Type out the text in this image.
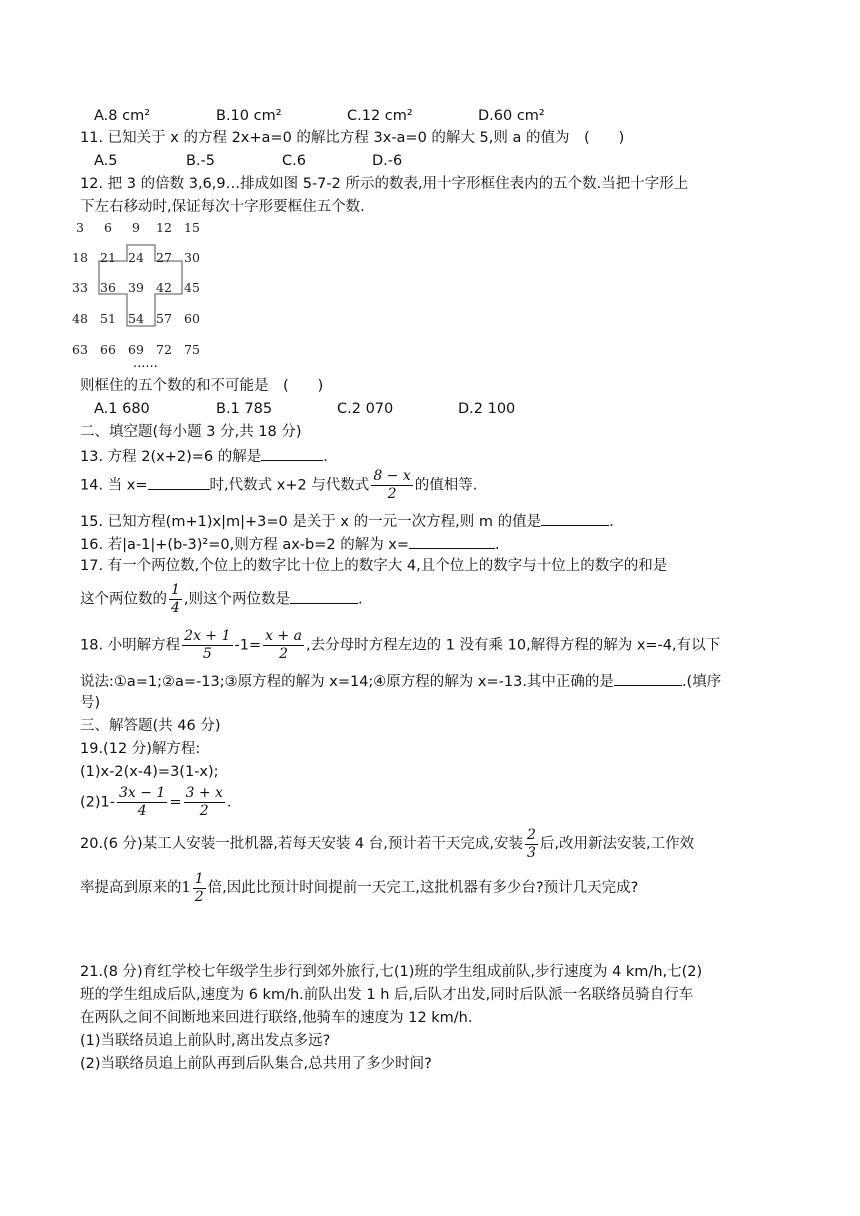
A.8 cm²	B.10 cm²	C.12 cm²	D.60 cm²
11. 已知关于 x 的方程 2x+a=0 的解比方程 3x-a=0 的解大 5,则 a 的值为　(　　)
A.5	B.-5	C.6	D.-6
12. 把 3 的倍数 3,6,9…排成如图 5-7-2 所示的数表,用十字形框住表内的五个数.当把十字形上
下左右移动时,保证每次十字形要框住五个数.
3	6	9	12 15
18 21 24 27 30
33 36 39 42 45
48 51 54 57 60
63 66 69 72 75
......
则框住的五个数的和不可能是　(　　)
A.1 680	B.1 785	C.2 070	D.2 100
二、填空题(每小题 3 分,共 18 分)
13. 方程 2(x+2)=6 的解是	.
14. 当 x=	时,代数式 x+2 与代数式 $\frac{8 - x}{2}$ 的值相等.
15. 已知方程(m+1)x|m|+3=0 是关于 x 的一元一次方程,则 m 的值是	.
16. 若|a-1|+(b-3)²=0,则方程 ax-b=2 的解为 x=	.
17. 有一个两位数,个位上的数字比十位上的数字大 4,且个位上的数字与十位上的数字的和是
这个两位数的 $\frac{1}{4}$ ,则这个两位数是	.
18. 小明解方程 $\frac{2x + 1}{5} -1= \frac{x + a}{2}$ ,去分母时方程左边的 1 没有乘 10,解得方程的解为 x=-4,有以下
说法:①a=1;②a=-13;③原方程的解为 x=14;④原方程的解为 x=-13.其中正确的是	.(填序
号)
三、解答题(共 46 分)
19.(12 分)解方程:
(1)x-2(x-4)=3(1-x);
$(2)1- \frac{3x - 1}{4} = \frac{3 + x}{2}$ .
20.(6 分)某工人安装一批机器,若每天安装 4 台,预计若干天完成,安装 $\frac{2}{3}$ 后,改用新法安装,工作效
率提高到原来的$1 \frac{1}{2}$ 倍,因此比预计时间提前一天完工,这批机器有多少台?预计几天完成?
21.(8 分)育红学校七年级学生步行到郊外旅行,七(1)班的学生组成前队,步行速度为 4 km/h,七(2)
班的学生组成后队,速度为 6 km/h.前队出发 1 h 后,后队才出发,同时后队派一名联络员骑自行车
在两队之间不间断地来回进行联络,他骑车的速度为 12 km/h.
(1)当联络员追上前队时,离出发点多远?
(2)当联络员追上前队再到后队集合,总共用了多少时间?
